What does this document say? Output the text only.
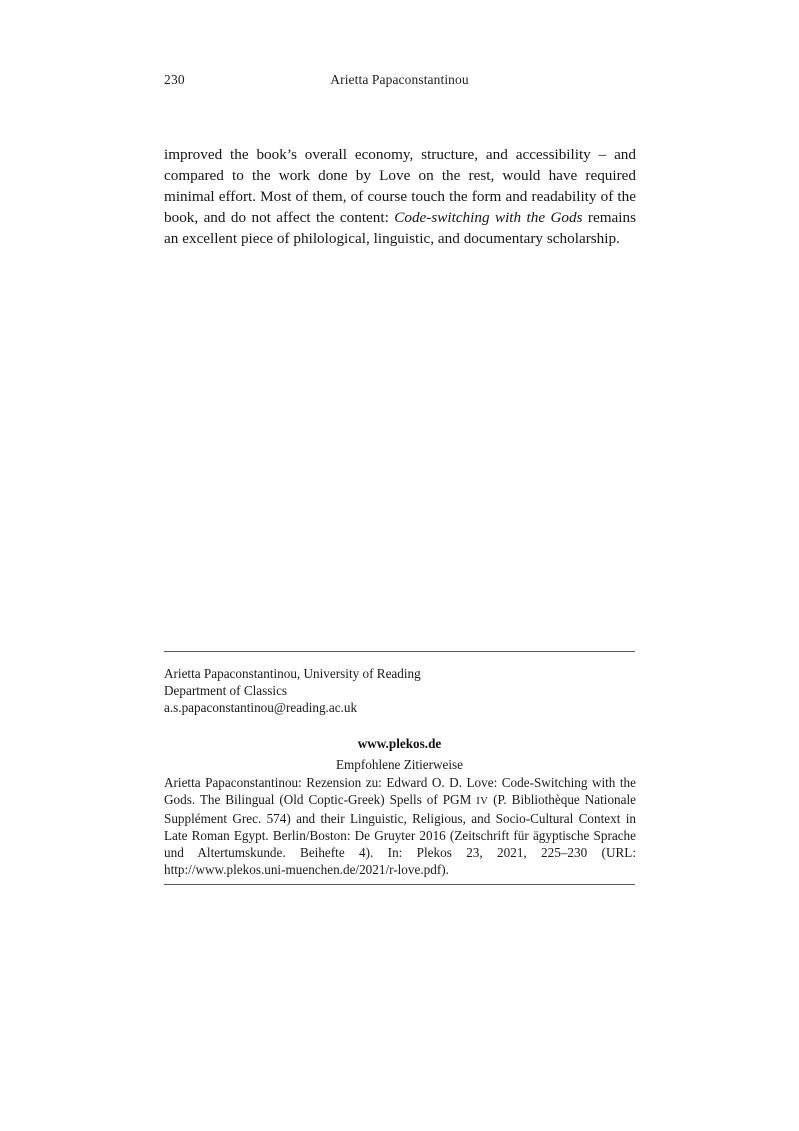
230	Arietta Papaconstantinou

improved the book’s overall economy, structure, and accessibility – and compared to the work done by Love on the rest, would have required minimal effort. Most of them, of course touch the form and readability of the book, and do not affect the content: Code-switching with the Gods remains an excellent piece of philological, linguistic, and documentary scholarship.

Arietta Papaconstantinou, University of Reading
Department of Classics
a.s.papaconstantinou@reading.ac.uk
www.plekos.de
Empfohlene Zitierweise

Arietta Papaconstantinou: Rezension zu: Edward O. D. Love: Code-Switching with the Gods. The Bilingual (Old Coptic-Greek) Spells of PGM IV (P. Bibliothèque Nationale Supplément Grec. 574) and their Linguistic, Religious, and Socio-Cultural Context in Late Roman Egypt. Berlin/Boston: De Gruyter 2016 (Zeitschrift für ägyptische Sprache und Altertumskunde. Beihefte 4). In: Plekos 23, 2021, 225–230 (URL: http://www.plekos.uni-muenchen.de/2021/r-love.pdf).
